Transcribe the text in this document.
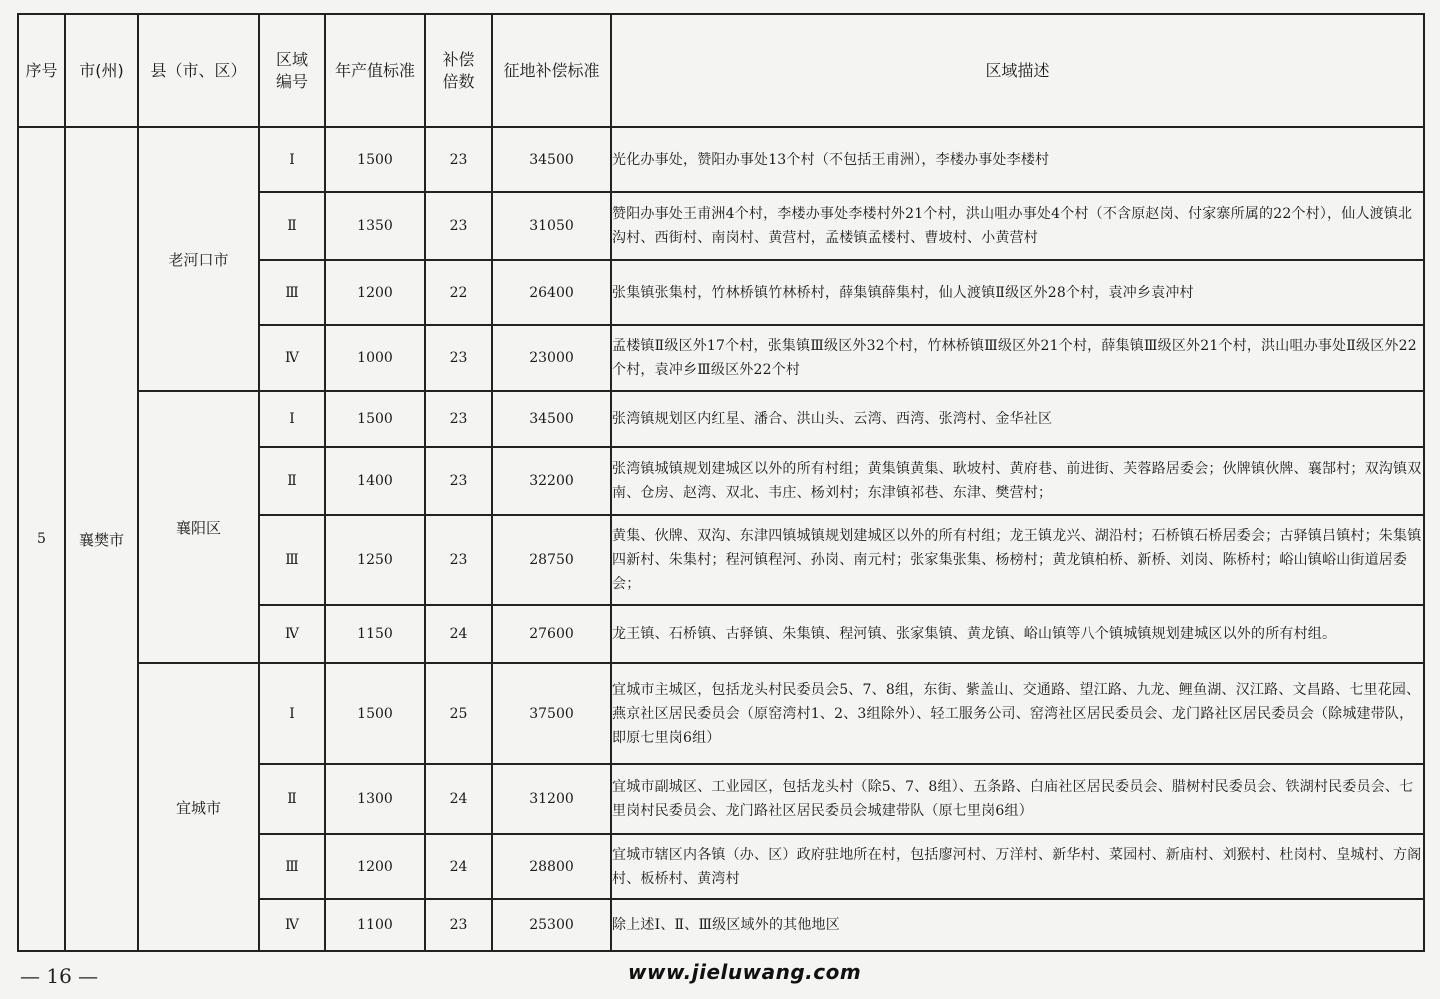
序号	市(州)	县（市、区）	区域编号	年产值标准	补偿倍数	征地补偿标准	区域描述
5	襄樊市	老河口市	Ⅰ	1500	23	34500	光化办事处，赞阳办事处13个村（不包括王甫洲），李楼办事处李楼村
			Ⅱ	1350	23	31050	赞阳办事处王甫洲4个村，李楼办事处李楼村外21个村，洪山咀办事处4个村（不含原赵岗、付家寨所属的22个村），仙人渡镇北沟村、西街村、南岗村、黄营村，孟楼镇孟楼村、曹坡村、小黄营村
			Ⅲ	1200	22	26400	张集镇张集村，竹林桥镇竹林桥村，薛集镇薛集村，仙人渡镇Ⅱ级区外28个村，袁冲乡袁冲村
			Ⅳ	1000	23	23000	孟楼镇Ⅱ级区外17个村，张集镇Ⅲ级区外32个村，竹林桥镇Ⅲ级区外21个村，薛集镇Ⅲ级区外21个村，洪山咀办事处Ⅱ级区外22个村，袁冲乡Ⅲ级区外22个村
		襄阳区	Ⅰ	1500	23	34500	张湾镇规划区内红星、潘合、洪山头、云湾、西湾、张湾村、金华社区
			Ⅱ	1400	23	32200	张湾镇城镇规划建城区以外的所有村组；黄集镇黄集、耿坡村、黄府巷、前进街、芙蓉路居委会；伙牌镇伙牌、襄郜村；双沟镇双南、仓房、赵湾、双北、韦庄、杨刘村；东津镇祁巷、东津、樊营村；
			Ⅲ	1250	23	28750	黄集、伙牌、双沟、东津四镇城镇规划建城区以外的所有村组；龙王镇龙兴、湖沿村；石桥镇石桥居委会；古驿镇吕镇村；朱集镇四新村、朱集村；程河镇程河、孙岗、南元村；张家集张集、杨榜村；黄龙镇柏桥、新桥、刘岗、陈桥村；峪山镇峪山街道居委会；
			Ⅳ	1150	24	27600	龙王镇、石桥镇、古驿镇、朱集镇、程河镇、张家集镇、黄龙镇、峪山镇等八个镇城镇规划建城区以外的所有村组。
		宜城市	Ⅰ	1500	25	37500	宜城市主城区，包括龙头村民委员会5、7、8组，东街、紫盖山、交通路、望江路、九龙、鲤鱼湖、汉江路、文昌路、七里花园、燕京社区居民委员会（原窑湾村1、2、3组除外）、轻工服务公司、窑湾社区居民委员会、龙门路社区居民委员会（除城建带队，即原七里岗6组）
			Ⅱ	1300	24	31200	宜城市副城区、工业园区，包括龙头村（除5、7、8组）、五条路、白庙社区居民委员会、腊树村民委员会、铁湖村民委员会、七里岗村民委员会、龙门路社区居民委员会城建带队（原七里岗6组）
			Ⅲ	1200	24	28800	宜城市辖区内各镇（办、区）政府驻地所在村，包括廖河村、万洋村、新华村、菜园村、新庙村、刘猴村、杜岗村、皇城村、方阁村、板桥村、黄湾村
			Ⅳ	1100	23	25300	除上述Ⅰ、Ⅱ、Ⅲ级区域外的其他地区
— 16 —	www.jieluwang.com
